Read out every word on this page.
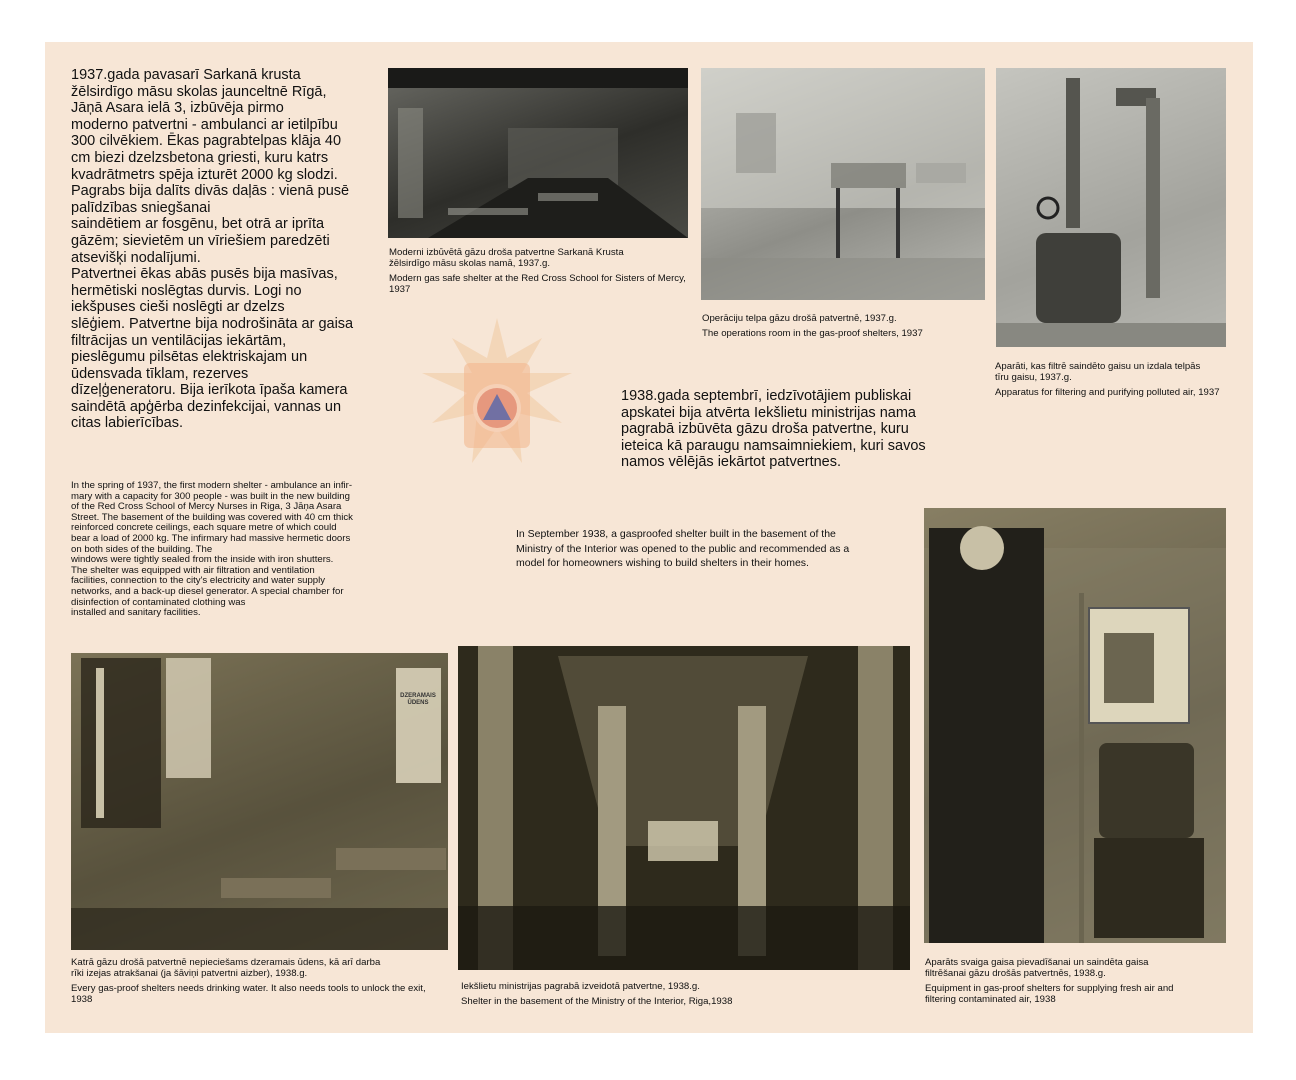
1937.gada pavasarī Sarkanā krusta
žēlsirdīgo māsu skolas jaunceltnē Rīgā,
Jāņā Asara ielā 3, izbūvēja pirmo
moderno patvertni - ambulanci ar ietilpību
300 cilvēkiem. Ēkas pagrabtelpas klāja 40
cm biezi dzelzsbetona griesti, kuru katrs
kvadrātmetrs spēja izturēt 2000 kg slodzi.
Pagrabs bija dalīts divās daļās : vienā pusē
palīdzības sniegšanai
saindētiem ar fosgēnu, bet otrā ar iprīta
gāzēm; sievietēm un vīriešiem paredzēti
atsevišķi nodalījumi.
Patvertnei ēkas abās pusēs bija masīvas,
hermētiski noslēgtas durvis. Logi no
iekšpuses cieši noslēgti ar dzelzs
slēģiem. Patvertne bija nodrošināta ar gaisa
filtrācijas un ventilācijas iekārtām,
pieslēgumu pilsētas elektriskajam un
ūdensvada tīklam, rezerves
dīzeļģeneratoru. Bija ierīkota īpaša kamera
saindētā apģērba dezinfekcijai, vannas un
citas labierīcības.

In the spring of 1937, the first modern shelter - ambulance an infir-
mary with a capacity for 300 people - was built in the new building
of the Red Cross School of Mercy Nurses in Riga, 3 Jāņa Asara
Street. The basement of the building was covered with 40 cm thick
reinforced concrete ceilings, each square metre of which could
bear a load of 2000 kg. The infirmary had massive hermetic doors
on both sides of the building. The
windows were tightly sealed from the inside with iron shutters.
The shelter was equipped with air filtration and ventilation
facilities, connection to the city's electricity and water supply
networks, and a back-up diesel generator. A special chamber for
disinfection of contaminated clothing was
installed and sanitary facilities.

Moderni izbūvētā gāzu droša patvertne Sarkanā Krusta
žēlsirdīgo māsu skolas namā, 1937.g.

Modern gas safe shelter at the Red Cross School for Sisters of Mercy,
1937

Operāciju telpa gāzu drošā patvertnē, 1937.g.

The operations room in the gas-proof shelters, 1937

Aparāti, kas filtrē saindēto gaisu un izdala telpās
tīru gaisu, 1937.g.

Apparatus for filtering and purifying polluted air, 1937

1938.gada septembrī, iedzīvotājiem publiskai
apskatei bija atvērta Iekšlietu ministrijas nama
pagrabā izbūvēta gāzu droša patvertne, kuru
ieteica kā paraugu namsaimniekiem, kuri savos
namos vēlējās iekārtot patvertnes.

In September 1938, a gasproofed shelter built in the basement of the
Ministry of the Interior was opened to the public and recommended as a
model for homeowners wishing to build shelters in their homes.

DZERAMAIS
ŪDENS

Katrā gāzu drošā patvertnē nepieciešams dzeramais ūdens, kā arī darba
rīki izejas atrakšanai (ja šāviņi patvertni aizber), 1938.g.

Every gas-proof shelters needs drinking water. It also needs tools to unlock the exit,
1938

Iekšlietu ministrijas pagrabā izveidotā patvertne, 1938.g.

Shelter in the basement of the Ministry of the Interior, Riga,1938

Aparāts svaiga gaisa pievadīšanai un saindēta gaisa
filtrēšanai gāzu drošās patvertnēs, 1938.g.

Equipment in gas-proof shelters for supplying fresh air and
filtering contaminated air, 1938
